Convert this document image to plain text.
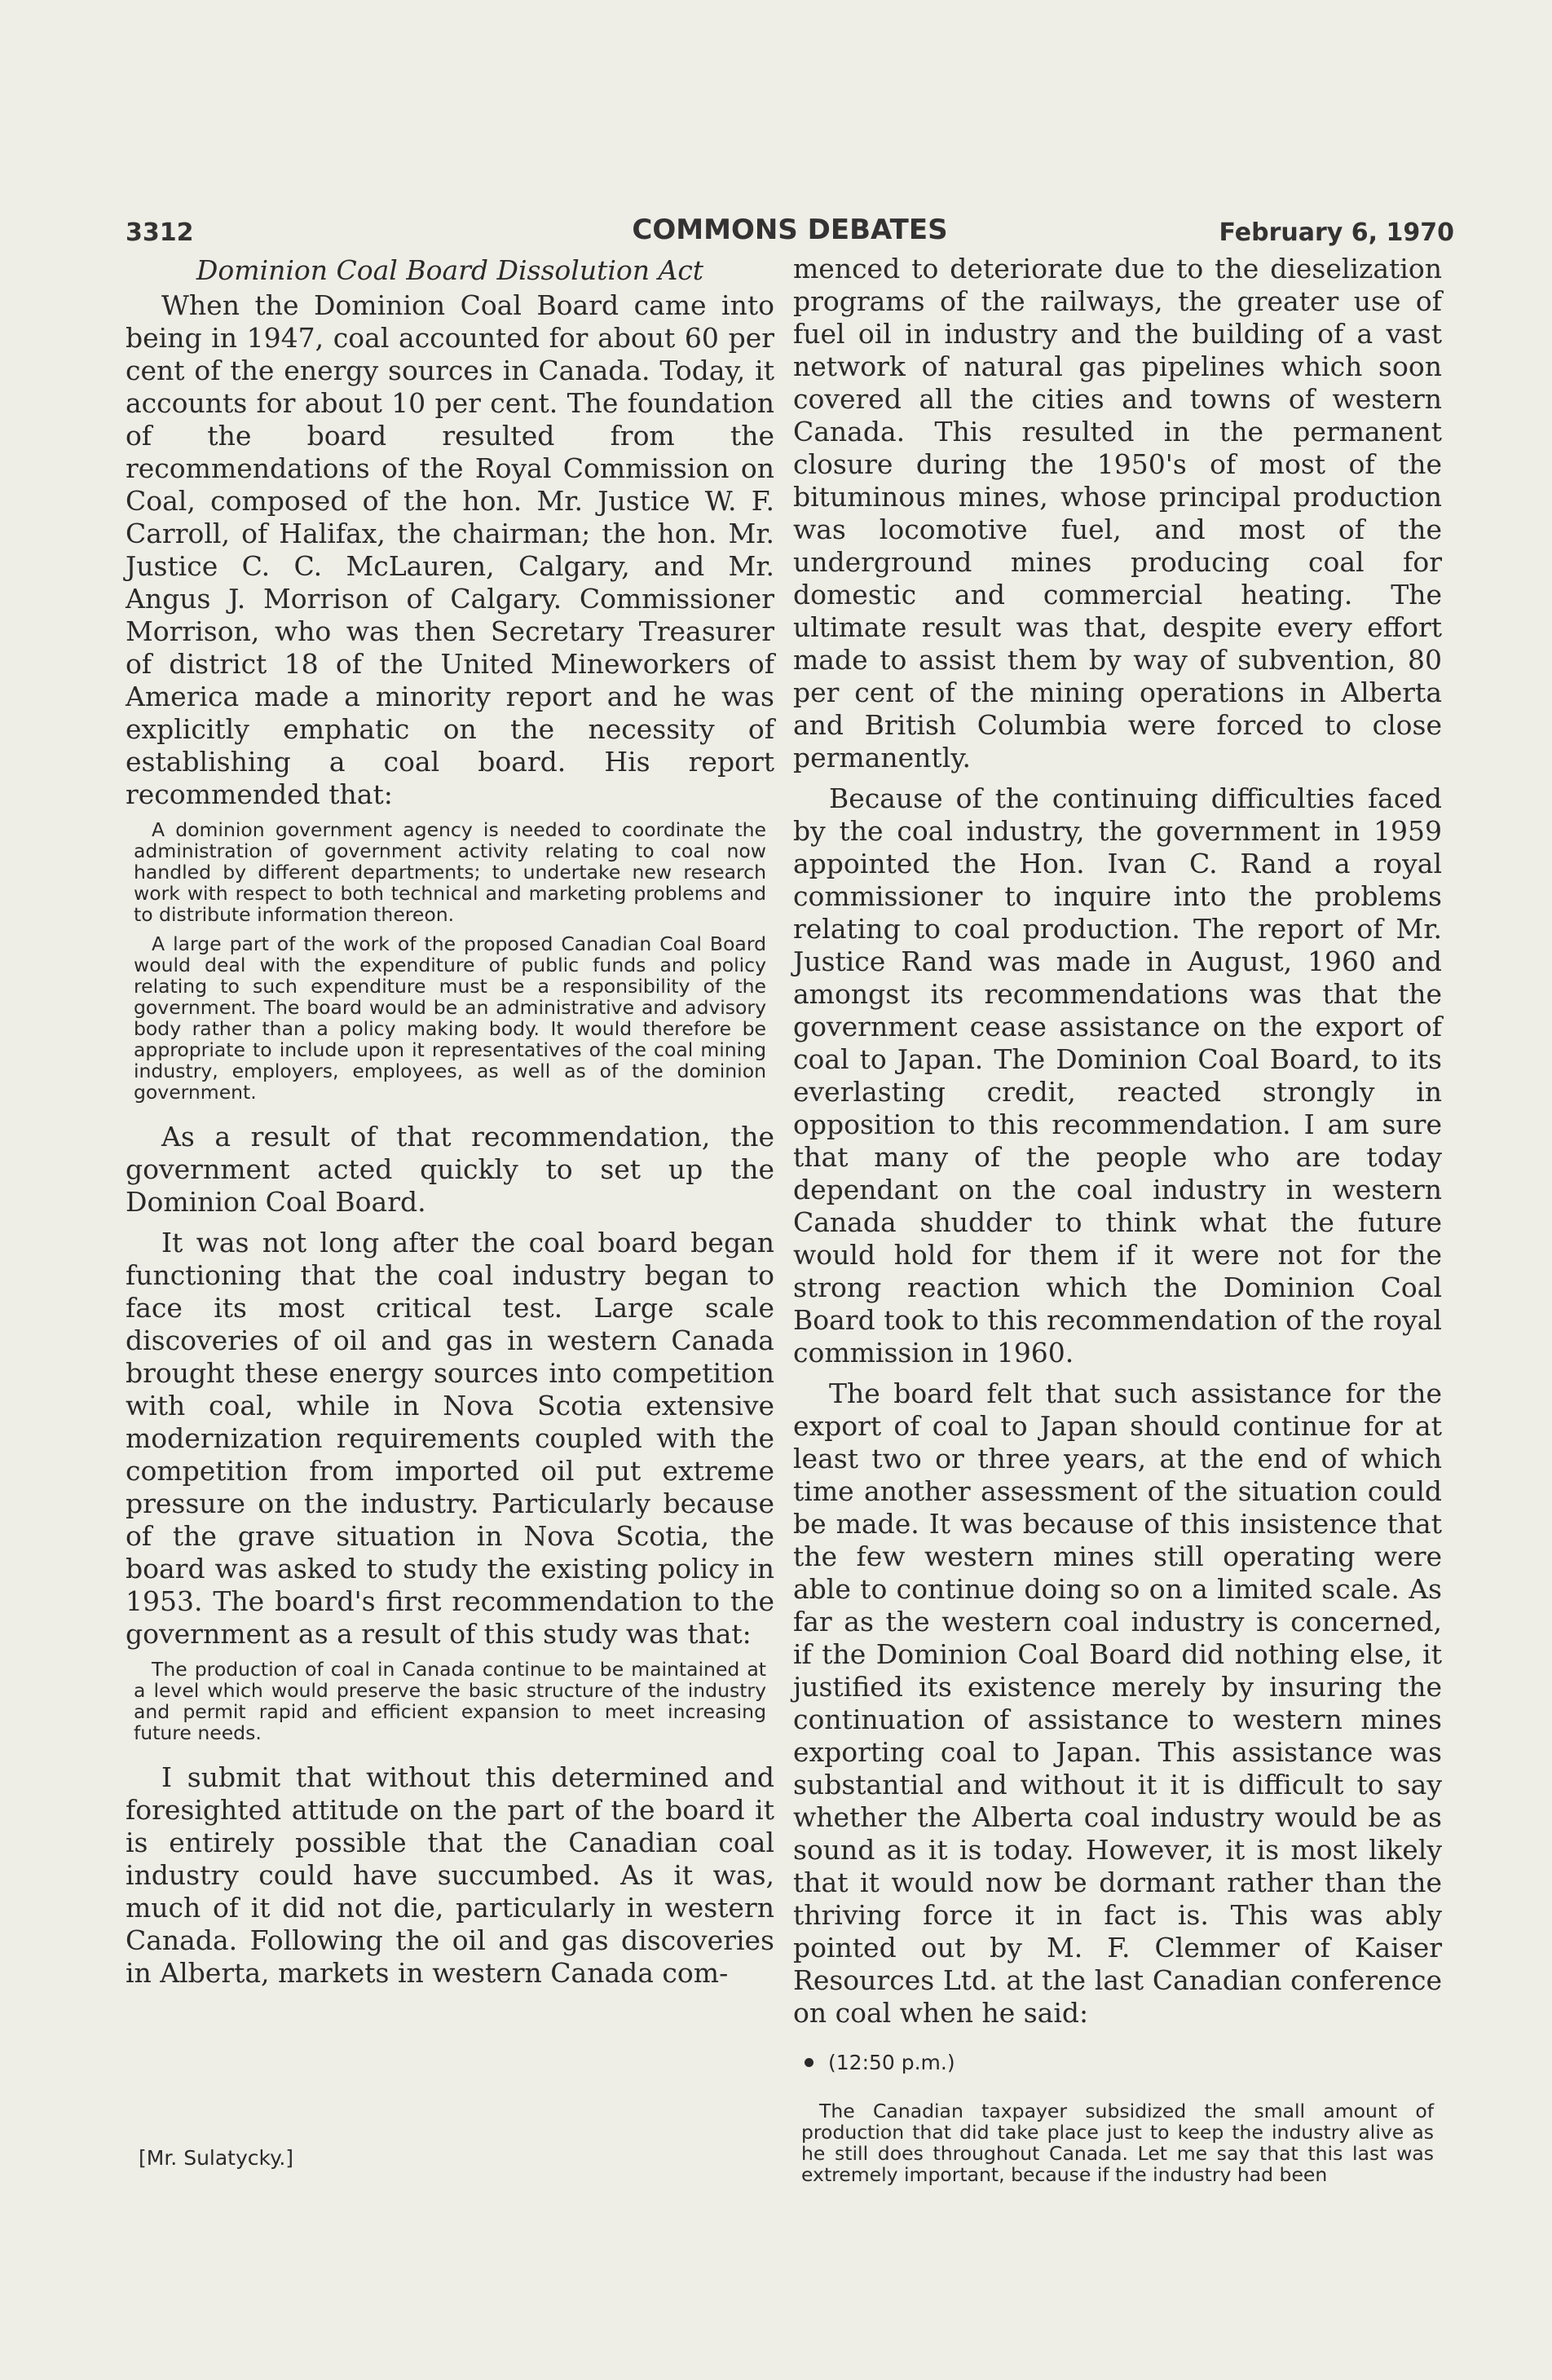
3312	COMMONS DEBATES	February 6, 1970
Dominion Coal Board Dissolution Act

When the Dominion Coal Board came into being in 1947, coal accounted for about 60 per cent of the energy sources in Canada. Today, it accounts for about 10 per cent. The foundation of the board resulted from the recommendations of the Royal Commission on Coal, composed of the hon. Mr. Justice W. F. Carroll, of Halifax, the chairman; the hon. Mr. Justice C. C. McLauren, Calgary, and Mr. Angus J. Morrison of Calgary. Commissioner Morrison, who was then Secretary Treasurer of district 18 of the United Mineworkers of America made a minority report and he was explicitly emphatic on the necessity of establishing a coal board. His report recommended that:

A dominion government agency is needed to coordinate the administration of government activity relating to coal now handled by different departments; to undertake new research work with respect to both technical and marketing problems and to distribute information thereon.

A large part of the work of the proposed Canadian Coal Board would deal with the expenditure of public funds and policy relating to such expenditure must be a responsibility of the government. The board would be an administrative and advisory body rather than a policy making body. It would therefore be appropriate to include upon it representatives of the coal mining industry, employers, employees, as well as of the dominion government.

As a result of that recommendation, the government acted quickly to set up the Dominion Coal Board.

It was not long after the coal board began functioning that the coal industry began to face its most critical test. Large scale discoveries of oil and gas in western Canada brought these energy sources into competition with coal, while in Nova Scotia extensive modernization requirements coupled with the competition from imported oil put extreme pressure on the industry. Particularly because of the grave situation in Nova Scotia, the board was asked to study the existing policy in 1953. The board's first recommendation to the government as a result of this study was that:

The production of coal in Canada continue to be maintained at a level which would preserve the basic structure of the industry and permit rapid and efficient expansion to meet increasing future needs.

I submit that without this determined and foresighted attitude on the part of the board it is entirely possible that the Canadian coal industry could have succumbed. As it was, much of it did not die, particularly in western Canada. Following the oil and gas discoveries in Alberta, markets in western Canada com-

[Mr. Sulatycky.]

menced to deteriorate due to the dieselization programs of the railways, the greater use of fuel oil in industry and the building of a vast network of natural gas pipelines which soon covered all the cities and towns of western Canada. This resulted in the permanent closure during the 1950's of most of the bituminous mines, whose principal production was locomotive fuel, and most of the underground mines producing coal for domestic and commercial heating. The ultimate result was that, despite every effort made to assist them by way of subvention, 80 per cent of the mining operations in Alberta and British Columbia were forced to close permanently.

Because of the continuing difficulties faced by the coal industry, the government in 1959 appointed the Hon. Ivan C. Rand a royal commissioner to inquire into the problems relating to coal production. The report of Mr. Justice Rand was made in August, 1960 and amongst its recommendations was that the government cease assistance on the export of coal to Japan. The Dominion Coal Board, to its everlasting credit, reacted strongly in opposition to this recommendation. I am sure that many of the people who are today dependant on the coal industry in western Canada shudder to think what the future would hold for them if it were not for the strong reaction which the Dominion Coal Board took to this recommendation of the royal commission in 1960.

The board felt that such assistance for the export of coal to Japan should continue for at least two or three years, at the end of which time another assessment of the situation could be made. It was because of this insistence that the few western mines still operating were able to continue doing so on a limited scale. As far as the western coal industry is concerned, if the Dominion Coal Board did nothing else, it justified its existence merely by insuring the continuation of assistance to western mines exporting coal to Japan. This assistance was substantial and without it it is difficult to say whether the Alberta coal industry would be as sound as it is today. However, it is most likely that it would now be dormant rather than the thriving force it in fact is. This was ably pointed out by M. F. Clemmer of Kaiser Resources Ltd. at the last Canadian conference on coal when he said:

(12:50 p.m.)

The Canadian taxpayer subsidized the small amount of production that did take place just to keep the industry alive as he still does throughout Canada. Let me say that this last was extremely important, because if the industry had been
